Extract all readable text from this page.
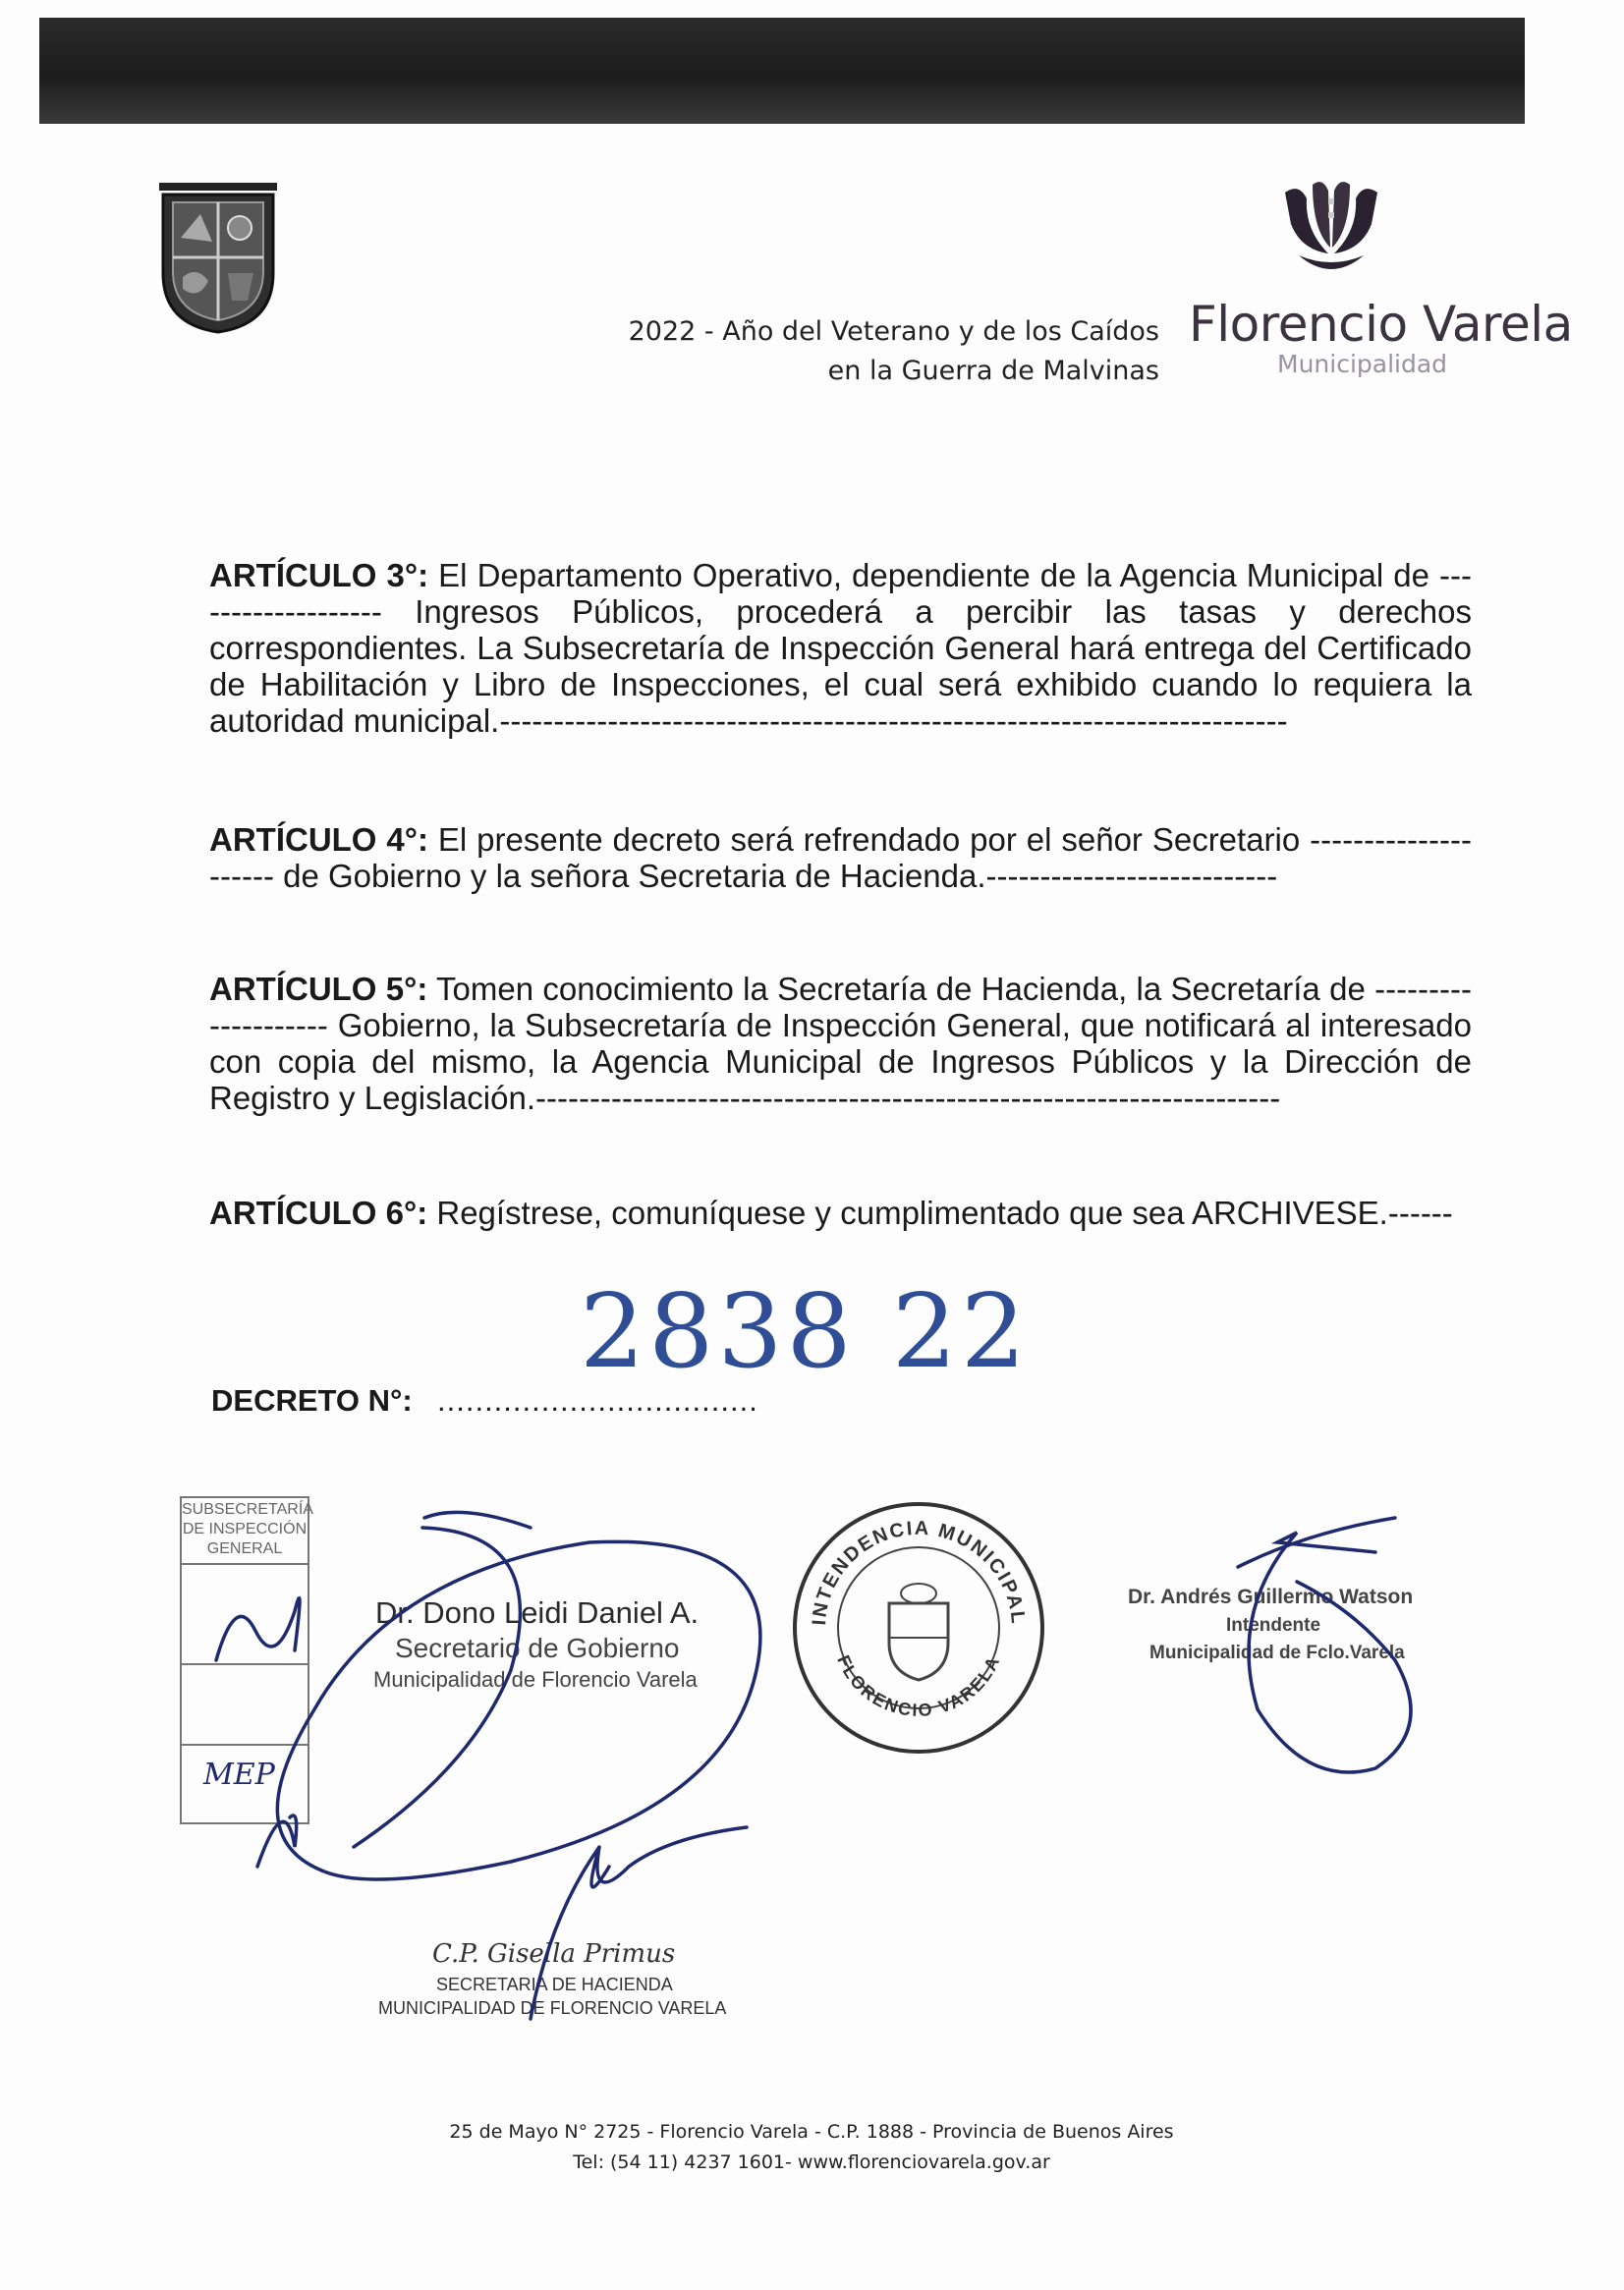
2022 - Año del Veterano y de los Caídos
en la Guerra de Malvinas
Florencio Varela
Municipalidad
ARTÍCULO 3°: El Departamento Operativo, dependiente de la Agencia Municipal de ------------------- Ingresos Públicos, procederá a percibir las tasas y derechos correspondientes. La Subsecretaría de Inspección General hará entrega del Certificado de Habilitación y Libro de Inspecciones, el cual será exhibido cuando lo requiera la autoridad municipal.-------------------------------------------------------------------------
ARTÍCULO 4°: El presente decreto será refrendado por el señor Secretario --------------------- de Gobierno y la señora Secretaria de Hacienda.---------------------------
ARTÍCULO 5°: Tomen conocimiento la Secretaría de Hacienda, la Secretaría de -------------------- Gobierno, la Subsecretaría de Inspección General, que notificará al interesado con copia del mismo, la Agencia Municipal de Ingresos Públicos y la Dirección de Registro y Legislación.---------------------------------------------------------------------
ARTÍCULO 6°: Regístrese, comuníquese y cumplimentado que sea ARCHIVESE.------
2838 22
DECRETO N°: ..................................
SUBSECRETARÍA
DE INSPECCIÓN
GENERAL
MEP
Dr. Dono Leidi Daniel A.
Secretario de Gobierno
Municipalidad de Florencio Varela
INTENDENCIA MUNICIPAL
FLORENCIO VARELA
Dr. Andrés Guillermo Watson
Intendente
Municipalidad de Fclo.Varela
C.P. Gisella Primus
SECRETARIA DE HACIENDA
MUNICIPALIDAD DE FLORENCIO VARELA
25 de Mayo N° 2725 - Florencio Varela - C.P. 1888 - Provincia de Buenos Aires
Tel: (54 11) 4237 1601- www.florenciovarela.gov.ar
